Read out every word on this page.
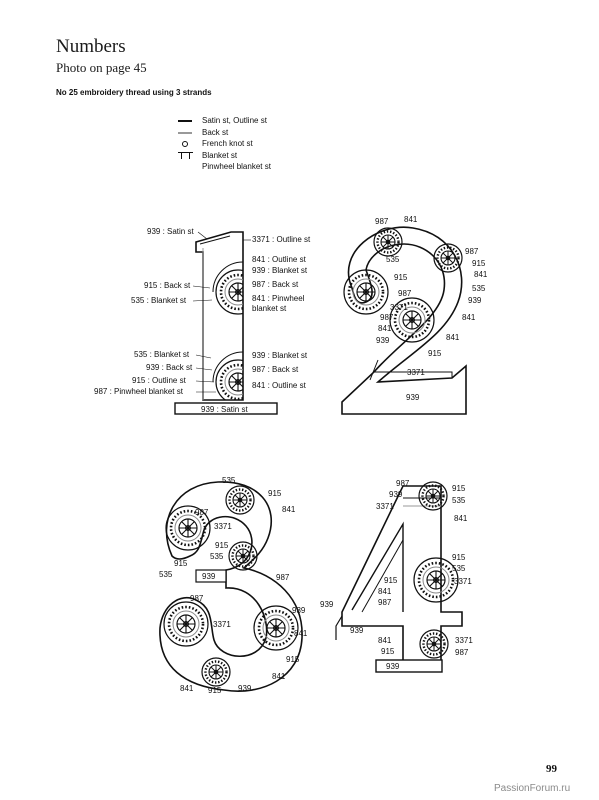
Numbers
Photo on page 45
No 25 embroidery thread using 3 strands
Satin st, Outline st
Back st
French knot st
Blanket st
Pinwheel blanket st
939 : Satin st
3371 : Outline st
841 : Outline st
939 : Blanket st
915 : Back st	987 : Back st
535 : Blanket st	841 : Pinwheel
blanket st
535 : Blanket st	939 : Blanket st
939 : Back st	987 : Back st
915 : Outline st
841 : Outline st
987 : Pinwheel blanket st
939 : Satin st
987 841
987
535
915
915
841
987
535
939
3371
987	841
841
939	841
915
3371
939
535
915
987	841
3371
915
915
535
939	987
535
987
939
3371
841
915
841
841 915 939
987
915
939
535
3371
841
915
535
915	3371
841
939	987
939
841	3371
915	987
939
99
PassionForum.ru
